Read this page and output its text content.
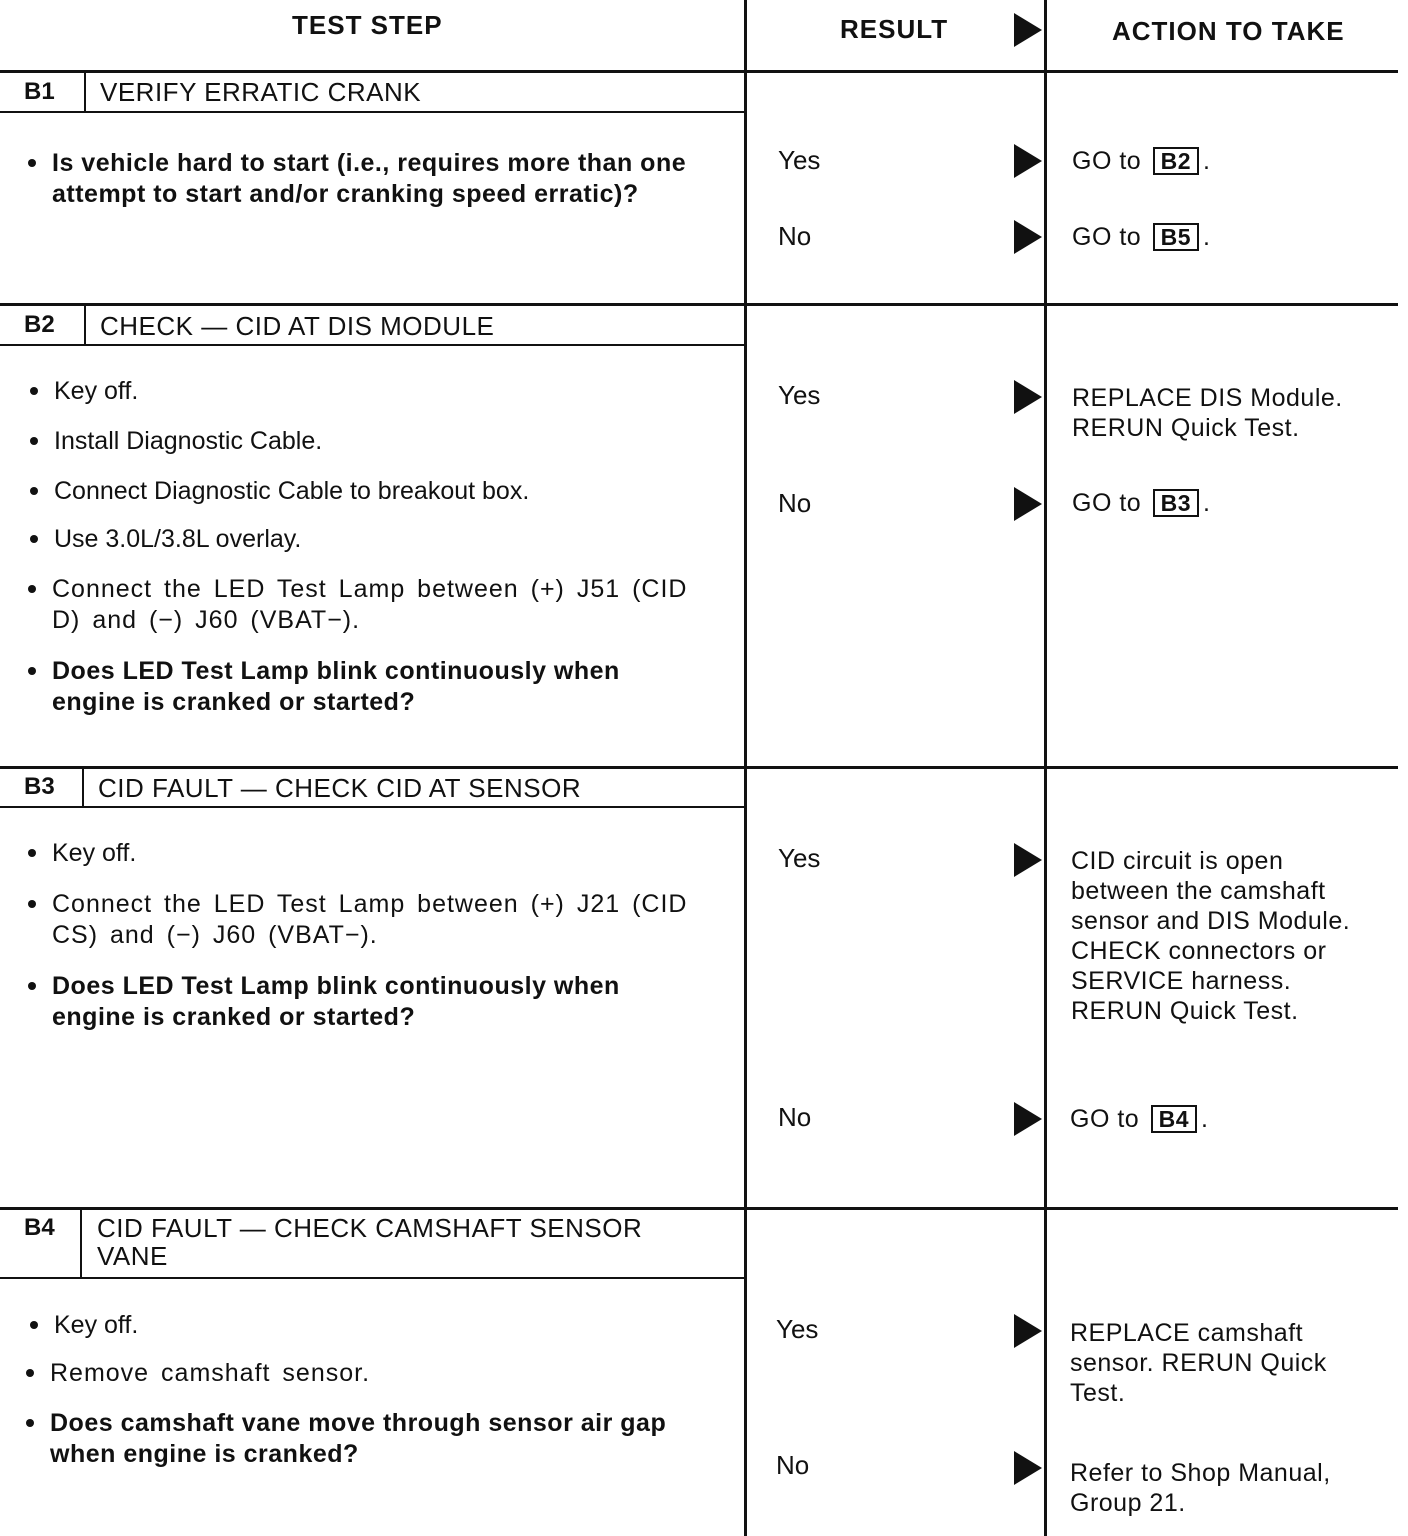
TEST STEP	RESULT	ACTION TO TAKE
B1 VERIFY ERRATIC CRANK
Is vehicle hard to start (i.e., requires more than one attempt to start and/or cranking speed erratic)?
Yes	GO to B2 .
No	GO to B5 .
B2 CHECK — CID AT DIS MODULE
Key off.
Install Diagnostic Cable.
Connect Diagnostic Cable to breakout box.
Use 3.0L/3.8L overlay.
Connect the LED Test Lamp between (+) J51 (CID D) and (−) J60 (VBAT−).
Does LED Test Lamp blink continuously when engine is cranked or started?
Yes	REPLACE DIS Module. RERUN Quick Test.
No	GO to B3 .
B3 CID FAULT — CHECK CID AT SENSOR
Key off.
Connect the LED Test Lamp between (+) J21 (CID CS) and (−) J60 (VBAT−).
Does LED Test Lamp blink continuously when engine is cranked or started?
Yes	CID circuit is open between the camshaft sensor and DIS Module. CHECK connectors or SERVICE harness. RERUN Quick Test.
No	GO to B4 .
B4 CID FAULT — CHECK CAMSHAFT SENSOR VANE
Key off.
Remove camshaft sensor.
Does camshaft vane move through sensor air gap when engine is cranked?
Yes	REPLACE camshaft sensor. RERUN Quick Test.
No	Refer to Shop Manual, Group 21.
